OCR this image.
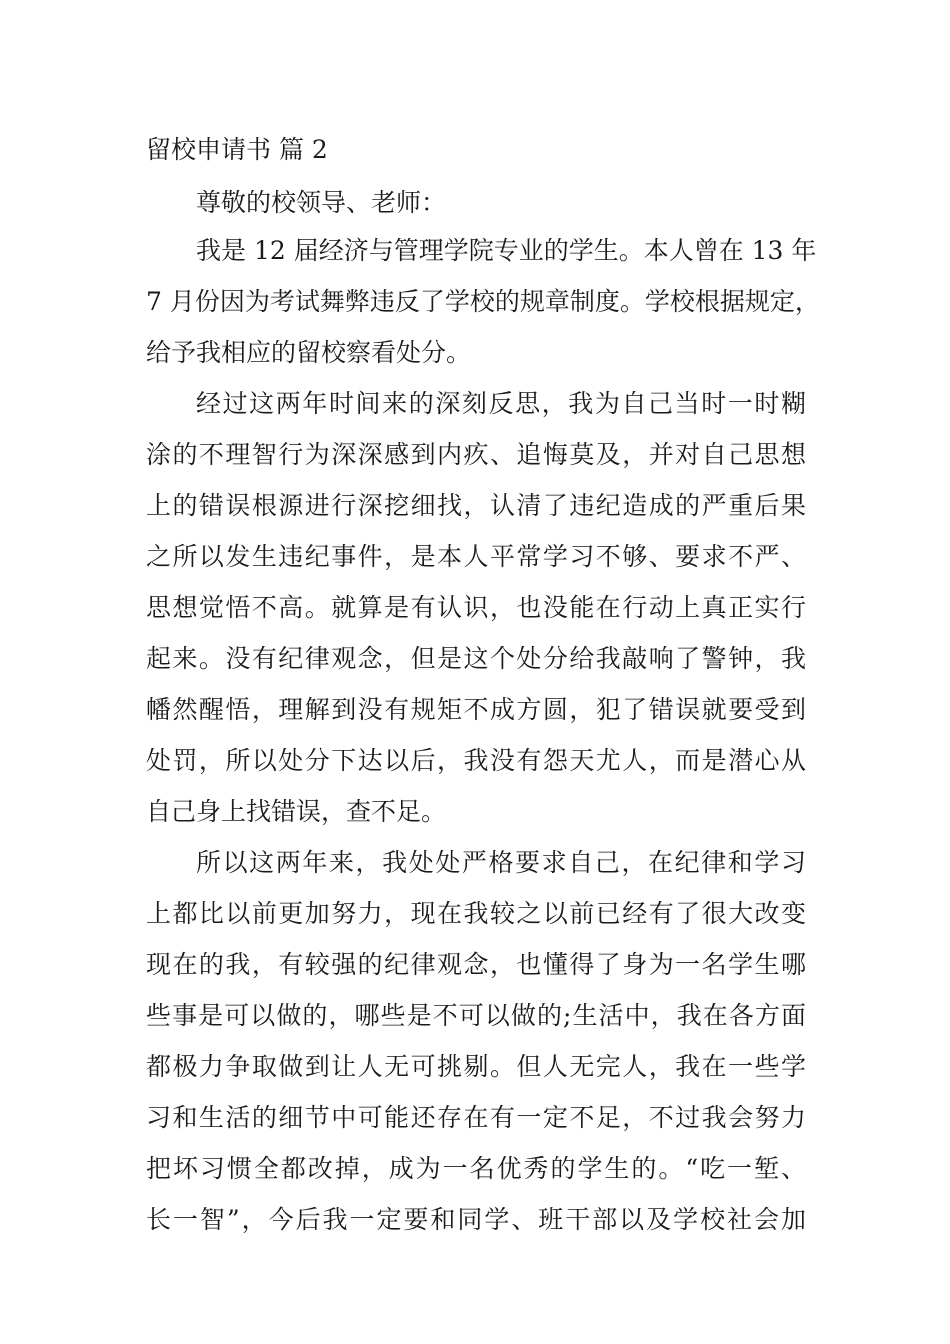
留校申请书 篇 2
尊敬的校领导、老师：
我是 12 届经济与管理学院专业的学生。本人曾在 13 年
7 月份因为考试舞弊违反了学校的规章制度。学校根据规定，
给予我相应的留校察看处分。
经过这两年时间来的深刻反思，我为自己当时一时糊
涂的不理智行为深深感到内疚、追悔莫及，并对自己思想
上的错误根源进行深挖细找，认清了违纪造成的严重后果
之所以发生违纪事件，是本人平常学习不够、要求不严、
思想觉悟不高。就算是有认识，也没能在行动上真正实行
起来。没有纪律观念，但是这个处分给我敲响了警钟，我
幡然醒悟，理解到没有规矩不成方圆，犯了错误就要受到
处罚，所以处分下达以后，我没有怨天尤人，而是潜心从
自己身上找错误，查不足。
所以这两年来，我处处严格要求自己，在纪律和学习
上都比以前更加努力，现在我较之以前已经有了很大改变
现在的我，有较强的纪律观念，也懂得了身为一名学生哪
些事是可以做的，哪些是不可以做的;生活中，我在各方面
都极力争取做到让人无可挑剔。但人无完人，我在一些学
习和生活的细节中可能还存在有一定不足，不过我会努力
把坏习惯全都改掉，成为一名优秀的学生的。“吃一堑、
长一智”，今后我一定要和同学、班干部以及学校社会加
